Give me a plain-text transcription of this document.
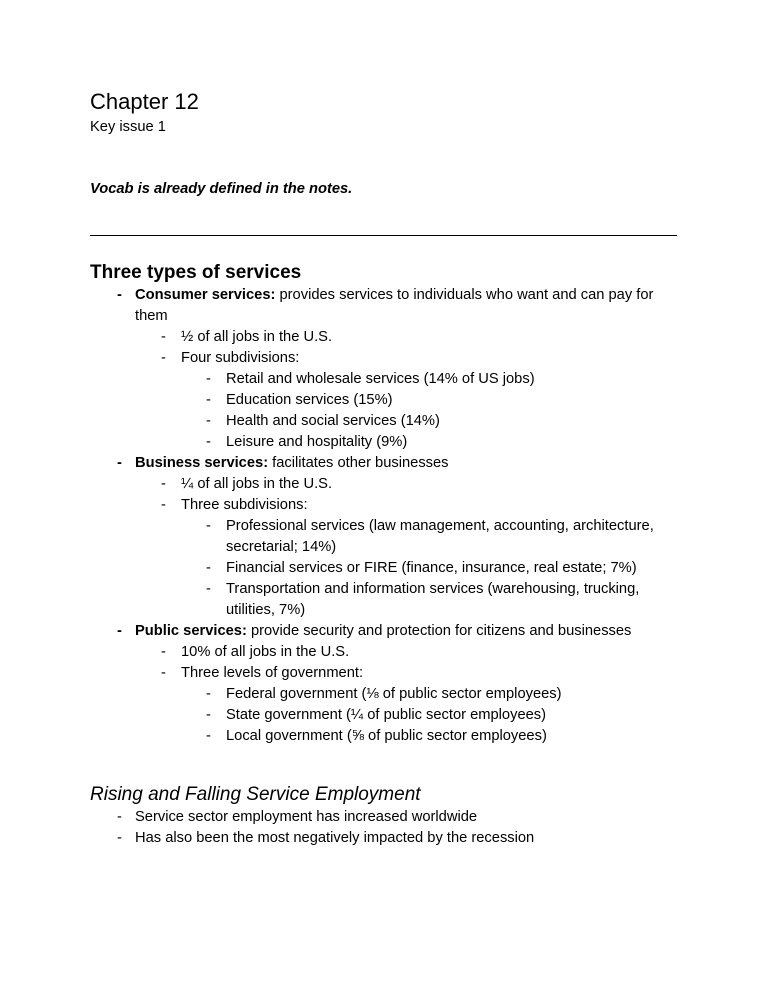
Chapter 12
Key issue 1
Vocab is already defined in the notes.
Three types of services
- Consumer services: provides services to individuals who want and can pay for
them
- ½ of all jobs in the U.S.
- Four subdivisions:
- Retail and wholesale services (14% of US jobs)
- Education services (15%)
- Health and social services (14%)
- Leisure and hospitality (9%)
- Business services: facilitates other businesses
- ¼ of all jobs in the U.S.
- Three subdivisions:
- Professional services (law management, accounting, architecture,
secretarial; 14%)
- Financial services or FIRE (finance, insurance, real estate; 7%)
- Transportation and information services (warehousing, trucking,
utilities, 7%)
- Public services: provide security and protection for citizens and businesses
- 10% of all jobs in the U.S.
- Three levels of government:
- Federal government (⅛ of public sector employees)
- State government (¼ of public sector employees)
- Local government (⅝ of public sector employees)
Rising and Falling Service Employment
- Service sector employment has increased worldwide
- Has also been the most negatively impacted by the recession
